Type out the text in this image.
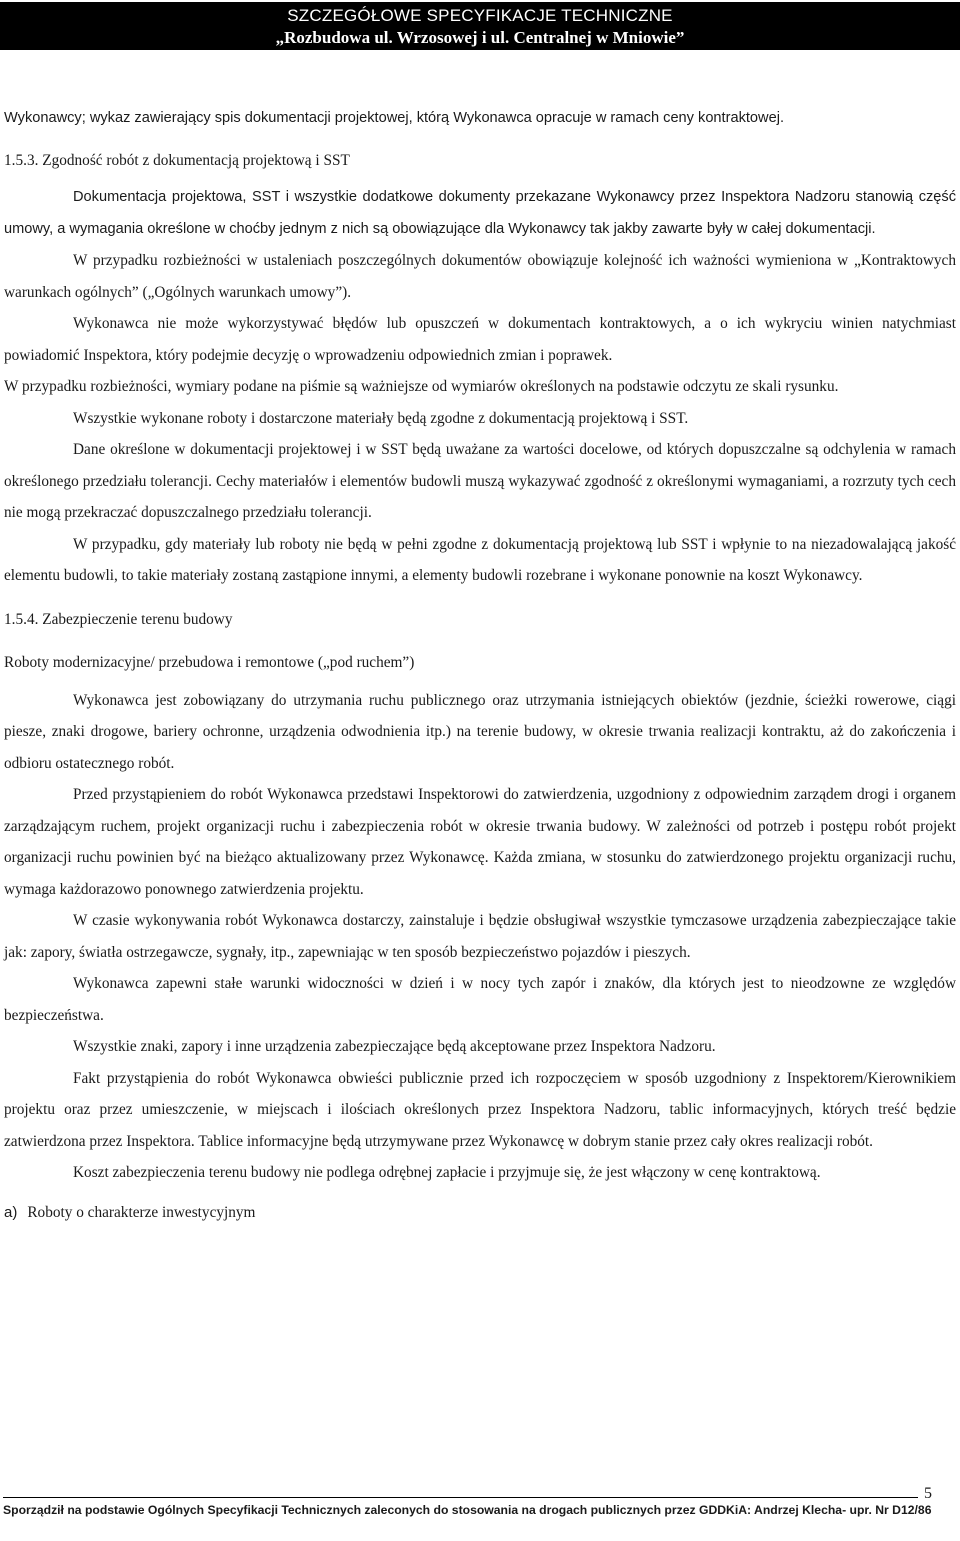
SZCZEGÓŁOWE SPECYFIKACJE TECHNICZNE
„Rozbudowa ul. Wrzosowej i ul. Centralnej w Mniowie”

Wykonawcy; wykaz zawierający spis dokumentacji projektowej, którą Wykonawca opracuje w ramach ceny kontraktowej.

1.5.3. Zgodność robót z dokumentacją projektową i SST

Dokumentacja projektowa, SST i wszystkie dodatkowe dokumenty przekazane Wykonawcy przez Inspektora Nadzoru stanowią część umowy, a wymagania określone w choćby jednym z nich są obowiązujące dla Wykonawcy tak jakby zawarte były w całej dokumentacji.

W przypadku rozbieżności w ustaleniach poszczególnych dokumentów obowiązuje kolejność ich ważności wymieniona w „Kontraktowych warunkach ogólnych” („Ogólnych warunkach umowy”).

Wykonawca nie może wykorzystywać błędów lub opuszczeń w dokumentach kontraktowych, a o ich wykryciu winien natychmiast powiadomić Inspektora, który podejmie decyzję o wprowadzeniu odpowiednich zmian i poprawek.

W przypadku rozbieżności, wymiary podane na piśmie są ważniejsze od wymiarów określonych na podstawie odczytu ze skali rysunku.

Wszystkie wykonane roboty i dostarczone materiały będą zgodne z dokumentacją projektową i SST.

Dane określone w dokumentacji projektowej i w SST będą uważane za wartości docelowe, od których dopuszczalne są odchylenia w ramach określonego przedziału tolerancji. Cechy materiałów i elementów budowli muszą wykazywać zgodność z określonymi wymaganiami, a rozrzuty tych cech nie mogą przekraczać dopuszczalnego przedziału tolerancji.

W przypadku, gdy materiały lub roboty nie będą w pełni zgodne z dokumentacją projektową lub SST i wpłynie to na niezadowalającą jakość elementu budowli, to takie materiały zostaną zastąpione innymi, a elementy budowli rozebrane i wykonane ponownie na koszt Wykonawcy.

1.5.4. Zabezpieczenie terenu budowy

Roboty modernizacyjne/ przebudowa i remontowe („pod ruchem”)

Wykonawca jest zobowiązany do utrzymania ruchu publicznego oraz utrzymania istniejących obiektów (jezdnie, ścieżki rowerowe, ciągi piesze, znaki drogowe, bariery ochronne, urządzenia odwodnienia itp.) na terenie budowy, w okresie trwania realizacji kontraktu, aż do zakończenia i odbioru ostatecznego robót.

Przed przystąpieniem do robót Wykonawca przedstawi Inspektorowi do zatwierdzenia, uzgodniony z odpowiednim zarządem drogi i organem zarządzającym ruchem, projekt organizacji ruchu i zabezpieczenia robót w okresie trwania budowy. W zależności od potrzeb i postępu robót projekt organizacji ruchu powinien być na bieżąco aktualizowany przez Wykonawcę. Każda zmiana, w stosunku do zatwierdzonego projektu organizacji ruchu, wymaga każdorazowo ponownego zatwierdzenia projektu.

W czasie wykonywania robót Wykonawca dostarczy, zainstaluje i będzie obsługiwał wszystkie tymczasowe urządzenia zabezpieczające takie jak: zapory, światła ostrzegawcze, sygnały, itp., zapewniając w ten sposób bezpieczeństwo pojazdów i pieszych.

Wykonawca zapewni stałe warunki widoczności w dzień i w nocy tych zapór i znaków, dla których jest to nieodzowne ze względów bezpieczeństwa.

Wszystkie znaki, zapory i inne urządzenia zabezpieczające będą akceptowane przez Inspektora Nadzoru.

Fakt przystąpienia do robót Wykonawca obwieści publicznie przed ich rozpoczęciem w sposób uzgodniony z Inspektorem/Kierownikiem projektu oraz przez umieszczenie, w miejscach i ilościach określonych przez Inspektora Nadzoru, tablic informacyjnych, których treść będzie zatwierdzona przez Inspektora. Tablice informacyjne będą utrzymywane przez Wykonawcę w dobrym stanie przez cały okres realizacji robót.

Koszt zabezpieczenia terenu budowy nie podlega odrębnej zapłacie i przyjmuje się, że jest włączony w cenę kontraktową.

a) Roboty o charakterze inwestycyjnym

5
Sporządził na podstawie Ogólnych Specyfikacji Technicznych zaleconych do stosowania na drogach publicznych przez GDDKiA: Andrzej Klecha- upr. Nr D12/86
